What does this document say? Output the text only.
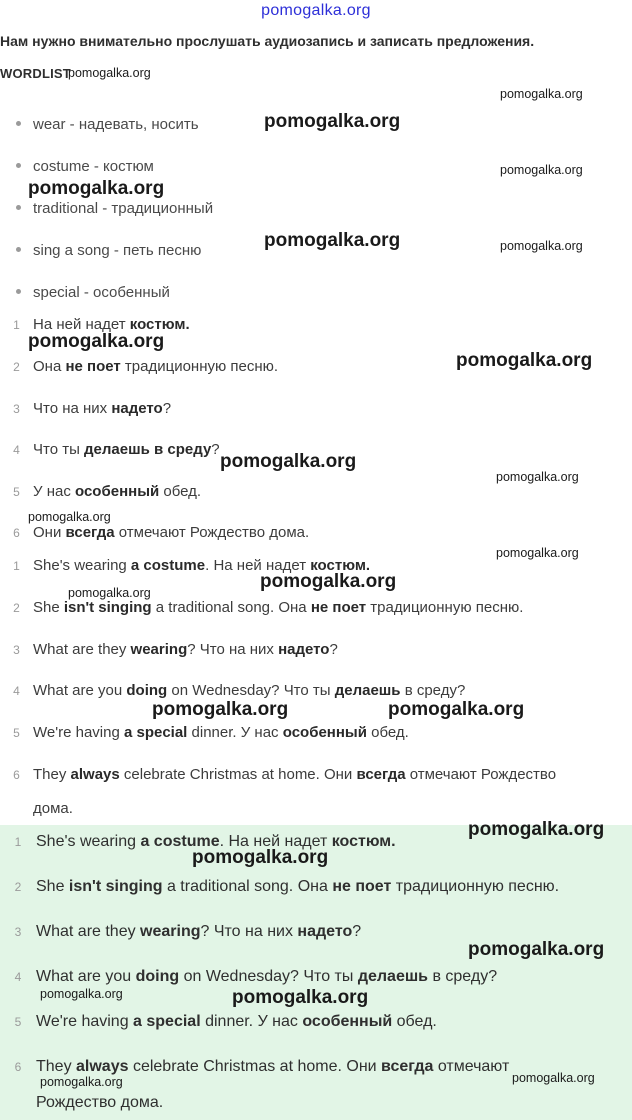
pomogalka.org
Нам нужно внимательно прослушать аудиозапись и записать предложения.
WORDLIST
wear - надевать, носить
costume - костюм
traditional - традиционный
sing a song - петь песню
special - особенный
1 На ней надет костюм.
2 Она не поет традиционную песню.
3 Что на них надето?
4 Что ты делаешь в среду?
5 У нас особенный обед.
6 Они всегда отмечают Рождество дома.
1 She's wearing a costume. На ней надет костюм.
2 She isn't singing a traditional song. Она не поет традиционную песню.
3 What are they wearing? Что на них надето?
4 What are you doing on Wednesday? Что ты делаешь в среду?
5 We're having a special dinner. У нас особенный обед.
6 They always celebrate Christmas at home. Они всегда отмечают Рождество
дома.
1 She's wearing a costume. На ней надет костюм.
2 She isn't singing a traditional song. Она не поет традиционную песню.
3 What are they wearing? Что на них надето?
4 What are you doing on Wednesday? Что ты делаешь в среду?
5 We're having a special dinner. У нас особенный обед.
6 They always celebrate Christmas at home. Они всегда отмечают
Рождество дома.
pomogalka.org
pomogalka.org
pomogalka.org
pomogalka.org
pomogalka.org
pomogalka.org	pomogalka.org
pomogalka.org
pomogalka.org
pomogalka.org
pomogalka.org
pomogalka.org
pomogalka.org
pomogalka.org
pomogalka.org
pomogalka.org	pomogalka.org
pomogalka.org
pomogalka.org
pomogalka.org
pomogalka.org	pomogalka.org
pomogalka.org
pomogalka.org
